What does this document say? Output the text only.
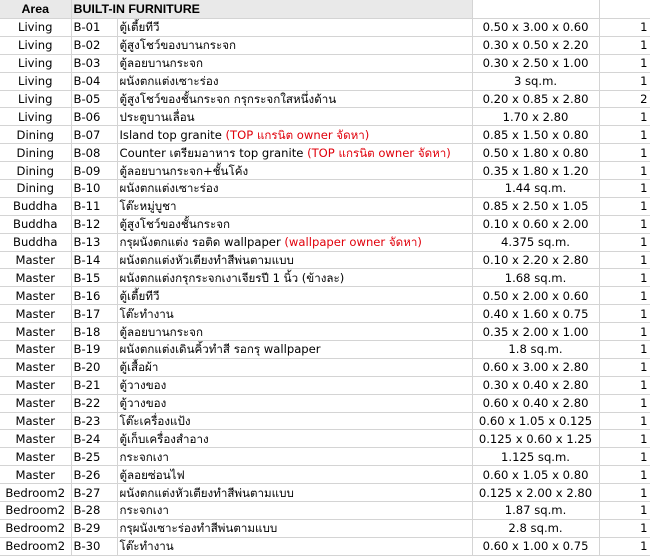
Area	BUILT-IN FURNITURE			
Living	B-01	ตู้เตี้ยทีวี	0.50 x 3.00 x 0.60	1
Living	B-02	ตู้สูงโชว์ของบานกระจก	0.30 x 0.50 x 2.20	1
Living	B-03	ตู้ลอยบานกระจก	0.30 x 2.50 x 1.00	1
Living	B-04	ผนังตกแต่งเซาะร่อง	3 sq.m.	1
Living	B-05	ตู้สูงโชว์ของชั้นกระจก กรุกระจกใสหนึ่งด้าน	0.20 x 0.85 x 2.80	2
Living	B-06	ประตูบานเลื่อน	1.70 x 2.80	1
Dining	B-07	Island top granite (TOP แกรนิต owner จัดหา)	0.85 x 1.50 x 0.80	1
Dining	B-08	Counter เตรียมอาหาร top granite (TOP แกรนิต owner จัดหา)	0.50 x 1.80 x 0.80	1
Dining	B-09	ตู้ลอยบานกระจก+ชั้นโค้ง	0.35 x 1.80 x 1.20	1
Dining	B-10	ผนังตกแต่งเซาะร่อง	1.44 sq.m.	1
Buddha	B-11	โต๊ะหมู่บูชา	0.85 x 2.50 x 1.05	1
Buddha	B-12	ตู้สูงโชว์ของชั้นกระจก	0.10 x 0.60 x 2.00	1
Buddha	B-13	กรุผนังตกแต่ง รอติด wallpaper (wallpaper owner จัดหา)	4.375 sq.m.	1
Master	B-14	ผนังตกแต่งหัวเตียงทำสีพ่นตามแบบ	0.10 x 2.20 x 2.80	1
Master	B-15	ผนังตกแต่งกรุกระจกเงาเจียรปี 1 นิ้ว (ข้างละ)	1.68 sq.m.	1
Master	B-16	ตู้เตี้ยทีวี	0.50 x 2.00 x 0.60	1
Master	B-17	โต๊ะทำงาน	0.40 x 1.60 x 0.75	1
Master	B-18	ตู้ลอยบานกระจก	0.35 x 2.00 x 1.00	1
Master	B-19	ผนังตกแต่งเดินคิ้วทำสี รอกรุ wallpaper	1.8 sq.m.	1
Master	B-20	ตู้เสื้อผ้า	0.60 x 3.00 x 2.80	1
Master	B-21	ตู้วางของ	0.30 x 0.40 x 2.80	1
Master	B-22	ตู้วางของ	0.60 x 0.40 x 2.80	1
Master	B-23	โต๊ะเครื่องแป้ง	0.60 x 1.05 x 0.125	1
Master	B-24	ตู้เก็บเครื่องสำอาง	0.125 x 0.60 x 1.25	1
Master	B-25	กระจกเงา	1.125 sq.m.	1
Master	B-26	ตู้ลอยซ่อนไฟ	0.60 x 1.05 x 0.80	1
Bedroom2	B-27	ผนังตกแต่งหัวเตียงทำสีพ่นตามแบบ	0.125 x 2.00 x 2.80	1
Bedroom2	B-28	กระจกเงา	1.87 sq.m.	1
Bedroom2	B-29	กรุผนังเซาะร่องทำสีพ่นตามแบบ	2.8 sq.m.	1
Bedroom2	B-30	โต๊ะทำงาน	0.60 x 1.00 x 0.75	1
